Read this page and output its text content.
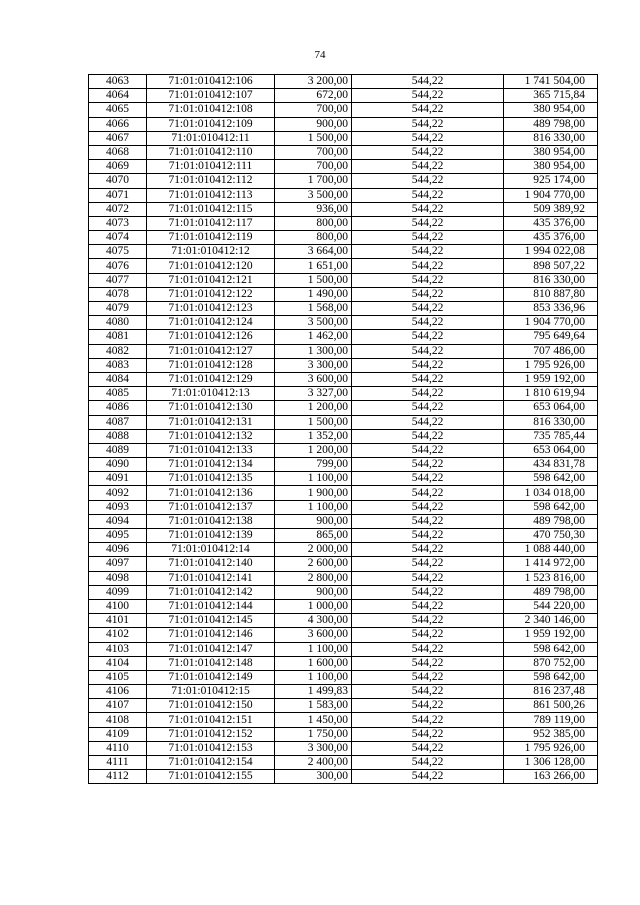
74
4063	71:01:010412:106	3 200,00	544,22	1 741 504,00
4064	71:01:010412:107	672,00	544,22	365 715,84
4065	71:01:010412:108	700,00	544,22	380 954,00
4066	71:01:010412:109	900,00	544,22	489 798,00
4067	71:01:010412:11	1 500,00	544,22	816 330,00
4068	71:01:010412:110	700,00	544,22	380 954,00
4069	71:01:010412:111	700,00	544,22	380 954,00
4070	71:01:010412:112	1 700,00	544,22	925 174,00
4071	71:01:010412:113	3 500,00	544,22	1 904 770,00
4072	71:01:010412:115	936,00	544,22	509 389,92
4073	71:01:010412:117	800,00	544,22	435 376,00
4074	71:01:010412:119	800,00	544,22	435 376,00
4075	71:01:010412:12	3 664,00	544,22	1 994 022,08
4076	71:01:010412:120	1 651,00	544,22	898 507,22
4077	71:01:010412:121	1 500,00	544,22	816 330,00
4078	71:01:010412:122	1 490,00	544,22	810 887,80
4079	71:01:010412:123	1 568,00	544,22	853 336,96
4080	71:01:010412:124	3 500,00	544,22	1 904 770,00
4081	71:01:010412:126	1 462,00	544,22	795 649,64
4082	71:01:010412:127	1 300,00	544,22	707 486,00
4083	71:01:010412:128	3 300,00	544,22	1 795 926,00
4084	71:01:010412:129	3 600,00	544,22	1 959 192,00
4085	71:01:010412:13	3 327,00	544,22	1 810 619,94
4086	71:01:010412:130	1 200,00	544,22	653 064,00
4087	71:01:010412:131	1 500,00	544,22	816 330,00
4088	71:01:010412:132	1 352,00	544,22	735 785,44
4089	71:01:010412:133	1 200,00	544,22	653 064,00
4090	71:01:010412:134	799,00	544,22	434 831,78
4091	71:01:010412:135	1 100,00	544,22	598 642,00
4092	71:01:010412:136	1 900,00	544,22	1 034 018,00
4093	71:01:010412:137	1 100,00	544,22	598 642,00
4094	71:01:010412:138	900,00	544,22	489 798,00
4095	71:01:010412:139	865,00	544,22	470 750,30
4096	71:01:010412:14	2 000,00	544,22	1 088 440,00
4097	71:01:010412:140	2 600,00	544,22	1 414 972,00
4098	71:01:010412:141	2 800,00	544,22	1 523 816,00
4099	71:01:010412:142	900,00	544,22	489 798,00
4100	71:01:010412:144	1 000,00	544,22	544 220,00
4101	71:01:010412:145	4 300,00	544,22	2 340 146,00
4102	71:01:010412:146	3 600,00	544,22	1 959 192,00
4103	71:01:010412:147	1 100,00	544,22	598 642,00
4104	71:01:010412:148	1 600,00	544,22	870 752,00
4105	71:01:010412:149	1 100,00	544,22	598 642,00
4106	71:01:010412:15	1 499,83	544,22	816 237,48
4107	71:01:010412:150	1 583,00	544,22	861 500,26
4108	71:01:010412:151	1 450,00	544,22	789 119,00
4109	71:01:010412:152	1 750,00	544,22	952 385,00
4110	71:01:010412:153	3 300,00	544,22	1 795 926,00
4111	71:01:010412:154	2 400,00	544,22	1 306 128,00
4112	71:01:010412:155	300,00	544,22	163 266,00
